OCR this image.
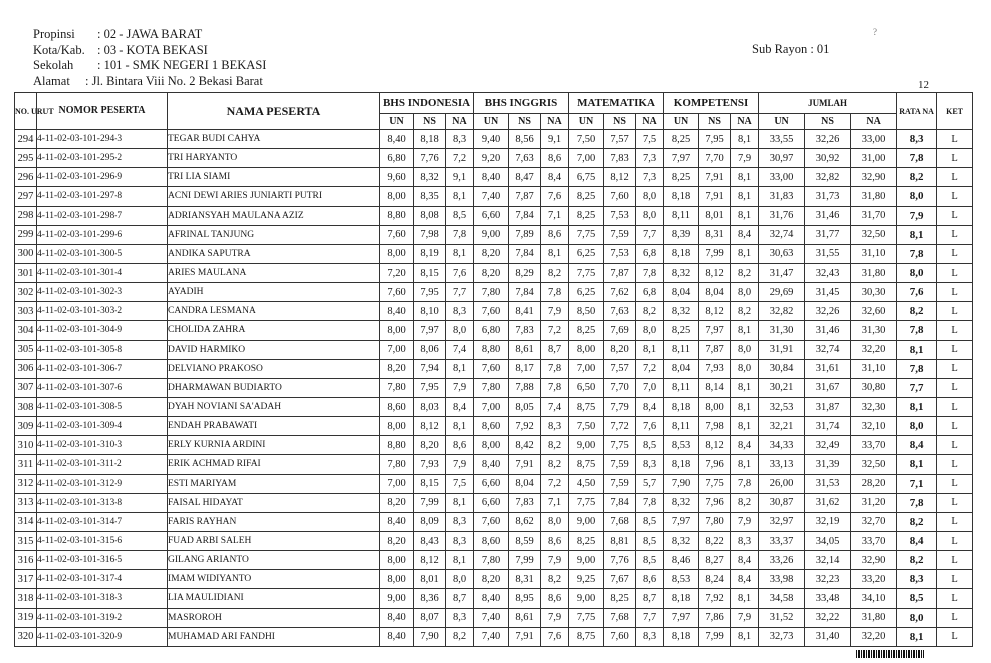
Propinsi : 02 - JAWA BARAT
Kota/Kab. : 03 - KOTA BEKASI
Sekolah : 101 - SMK NEGERI 1 BEKASI
Alamat : Jl. Bintara Viii No. 2 Bekasi Barat
Sub Rayon : 01
?
12
NO. URUT	NOMOR PESERTA	NAMA PESERTA	BHS INDONESIA			BHS INGGRIS			MATEMATIKA			KOMPETENSI			JUMLAH			RATA NA	KET
			UN	NS	NA	UN	NS	NA	UN	NS	NA	UN	NS	NA	UN	NS	NA		
294	4-11-02-03-101-294-3	TEGAR BUDI CAHYA	8,40	8,18	8,3	9,40	8,56	9,1	7,50	7,57	7,5	8,25	7,95	8,1	33,55	32,26	33,00	8,3	L
295	4-11-02-03-101-295-2	TRI HARYANTO	6,80	7,76	7,2	9,20	7,63	8,6	7,00	7,83	7,3	7,97	7,70	7,9	30,97	30,92	31,00	7,8	L
296	4-11-02-03-101-296-9	TRI LIA SIAMI	9,60	8,32	9,1	8,40	8,47	8,4	6,75	8,12	7,3	8,25	7,91	8,1	33,00	32,82	32,90	8,2	L
297	4-11-02-03-101-297-8	ACNI DEWI ARIES JUNIARTI PUTRI	8,00	8,35	8,1	7,40	7,87	7,6	8,25	7,60	8,0	8,18	7,91	8,1	31,83	31,73	31,80	8,0	L
298	4-11-02-03-101-298-7	ADRIANSYAH MAULANA AZIZ	8,80	8,08	8,5	6,60	7,84	7,1	8,25	7,53	8,0	8,11	8,01	8,1	31,76	31,46	31,70	7,9	L
299	4-11-02-03-101-299-6	AFRINAL TANJUNG	7,60	7,98	7,8	9,00	7,89	8,6	7,75	7,59	7,7	8,39	8,31	8,4	32,74	31,77	32,50	8,1	L
300	4-11-02-03-101-300-5	ANDIKA SAPUTRA	8,00	8,19	8,1	8,20	7,84	8,1	6,25	7,53	6,8	8,18	7,99	8,1	30,63	31,55	31,10	7,8	L
301	4-11-02-03-101-301-4	ARIES MAULANA	7,20	8,15	7,6	8,20	8,29	8,2	7,75	7,87	7,8	8,32	8,12	8,2	31,47	32,43	31,80	8,0	L
302	4-11-02-03-101-302-3	AYADIH	7,60	7,95	7,7	7,80	7,84	7,8	6,25	7,62	6,8	8,04	8,04	8,0	29,69	31,45	30,30	7,6	L
303	4-11-02-03-101-303-2	CANDRA LESMANA	8,40	8,10	8,3	7,60	8,41	7,9	8,50	7,63	8,2	8,32	8,12	8,2	32,82	32,26	32,60	8,2	L
304	4-11-02-03-101-304-9	CHOLIDA ZAHRA	8,00	7,97	8,0	6,80	7,83	7,2	8,25	7,69	8,0	8,25	7,97	8,1	31,30	31,46	31,30	7,8	L
305	4-11-02-03-101-305-8	DAVID HARMIKO	7,00	8,06	7,4	8,80	8,61	8,7	8,00	8,20	8,1	8,11	7,87	8,0	31,91	32,74	32,20	8,1	L
306	4-11-02-03-101-306-7	DELVIANO PRAKOSO	8,20	7,94	8,1	7,60	8,17	7,8	7,00	7,57	7,2	8,04	7,93	8,0	30,84	31,61	31,10	7,8	L
307	4-11-02-03-101-307-6	DHARMAWAN BUDIARTO	7,80	7,95	7,9	7,80	7,88	7,8	6,50	7,70	7,0	8,11	8,14	8,1	30,21	31,67	30,80	7,7	L
308	4-11-02-03-101-308-5	DYAH NOVIANI SA'ADAH	8,60	8,03	8,4	7,00	8,05	7,4	8,75	7,79	8,4	8,18	8,00	8,1	32,53	31,87	32,30	8,1	L
309	4-11-02-03-101-309-4	ENDAH PRABAWATI	8,00	8,12	8,1	8,60	7,92	8,3	7,50	7,72	7,6	8,11	7,98	8,1	32,21	31,74	32,10	8,0	L
310	4-11-02-03-101-310-3	ERLY KURNIA ARDINI	8,80	8,20	8,6	8,00	8,42	8,2	9,00	7,75	8,5	8,53	8,12	8,4	34,33	32,49	33,70	8,4	L
311	4-11-02-03-101-311-2	ERIK ACHMAD RIFAI	7,80	7,93	7,9	8,40	7,91	8,2	8,75	7,59	8,3	8,18	7,96	8,1	33,13	31,39	32,50	8,1	L
312	4-11-02-03-101-312-9	ESTI MARIYAM	7,00	8,15	7,5	6,60	8,04	7,2	4,50	7,59	5,7	7,90	7,75	7,8	26,00	31,53	28,20	7,1	L
313	4-11-02-03-101-313-8	FAISAL HIDAYAT	8,20	7,99	8,1	6,60	7,83	7,1	7,75	7,84	7,8	8,32	7,96	8,2	30,87	31,62	31,20	7,8	L
314	4-11-02-03-101-314-7	FARIS RAYHAN	8,40	8,09	8,3	7,60	8,62	8,0	9,00	7,68	8,5	7,97	7,80	7,9	32,97	32,19	32,70	8,2	L
315	4-11-02-03-101-315-6	FUAD ARBI SALEH	8,20	8,43	8,3	8,60	8,59	8,6	8,25	8,81	8,5	8,32	8,22	8,3	33,37	34,05	33,70	8,4	L
316	4-11-02-03-101-316-5	GILANG ARIANTO	8,00	8,12	8,1	7,80	7,99	7,9	9,00	7,76	8,5	8,46	8,27	8,4	33,26	32,14	32,90	8,2	L
317	4-11-02-03-101-317-4	IMAM WIDIYANTO	8,00	8,01	8,0	8,20	8,31	8,2	9,25	7,67	8,6	8,53	8,24	8,4	33,98	32,23	33,20	8,3	L
318	4-11-02-03-101-318-3	LIA MAULIDIANI	9,00	8,36	8,7	8,40	8,95	8,6	9,00	8,25	8,7	8,18	7,92	8,1	34,58	33,48	34,10	8,5	L
319	4-11-02-03-101-319-2	MASROROH	8,40	8,07	8,3	7,40	8,61	7,9	7,75	7,68	7,7	7,97	7,86	7,9	31,52	32,22	31,80	8,0	L
320	4-11-02-03-101-320-9	MUHAMAD ARI FANDHI	8,40	7,90	8,2	7,40	7,91	7,6	8,75	7,60	8,3	8,18	7,99	8,1	32,73	31,40	32,20	8,1	L
